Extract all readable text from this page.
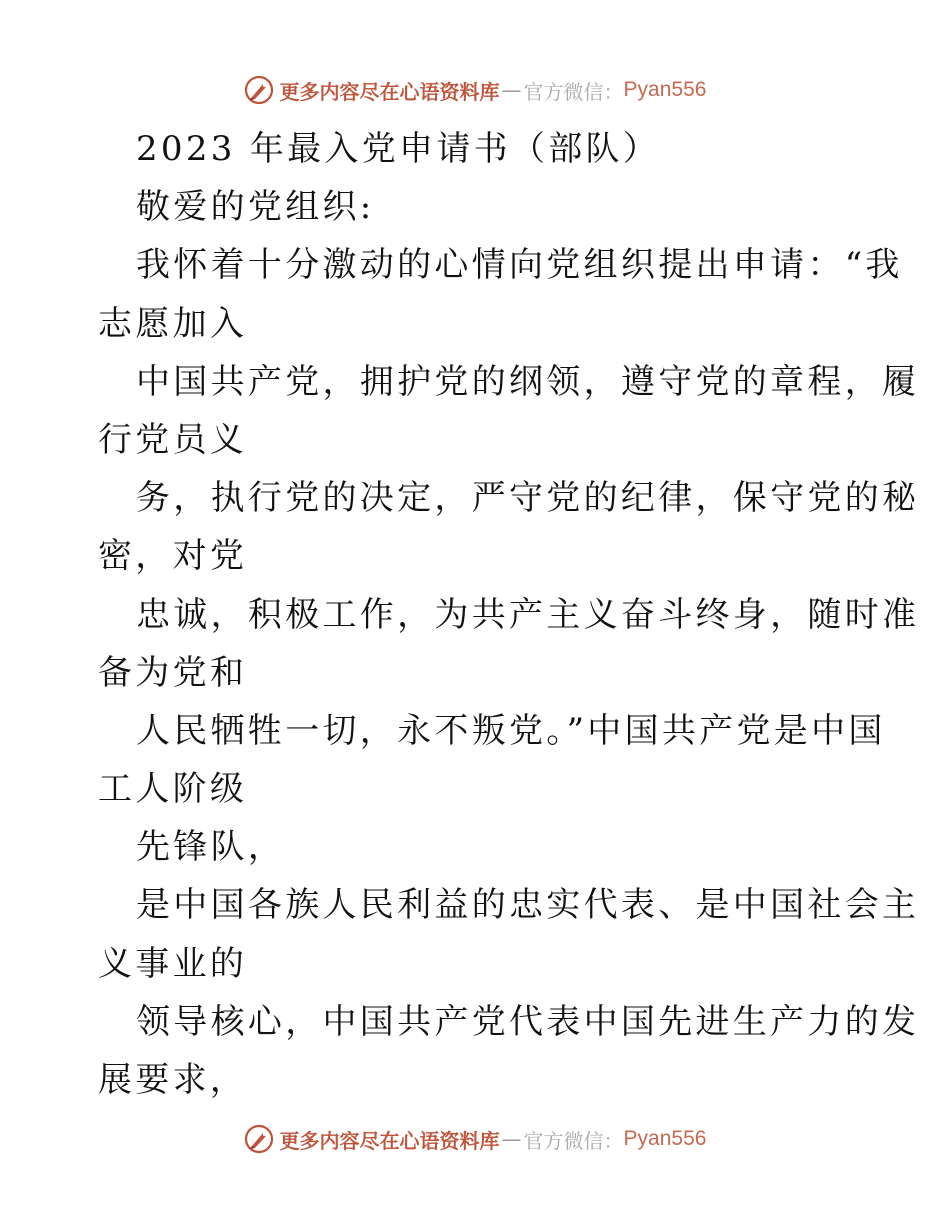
更多内容尽在心语资料库 — 官方微信： Pyan556
2023 年最入党申请书（部队）
敬爱的党组织:
我怀着十分激动的心情向党组织提出申请：“我
志愿加入
中国共产党，拥护党的纲领，遵守党的章程，履
行党员义
务，执行党的决定，严守党的纪律，保守党的秘
密，对党
忠诚，积极工作，为共产主义奋斗终身，随时准
备为党和
人民牺牲一切，永不叛党。”中国共产党是中国
工人阶级
先锋队，
是中国各族人民利益的忠实代表、是中国社会主
义事业的
领导核心，中国共产党代表中国先进生产力的发
展要求，
更多内容尽在心语资料库 — 官方微信： Pyan556
